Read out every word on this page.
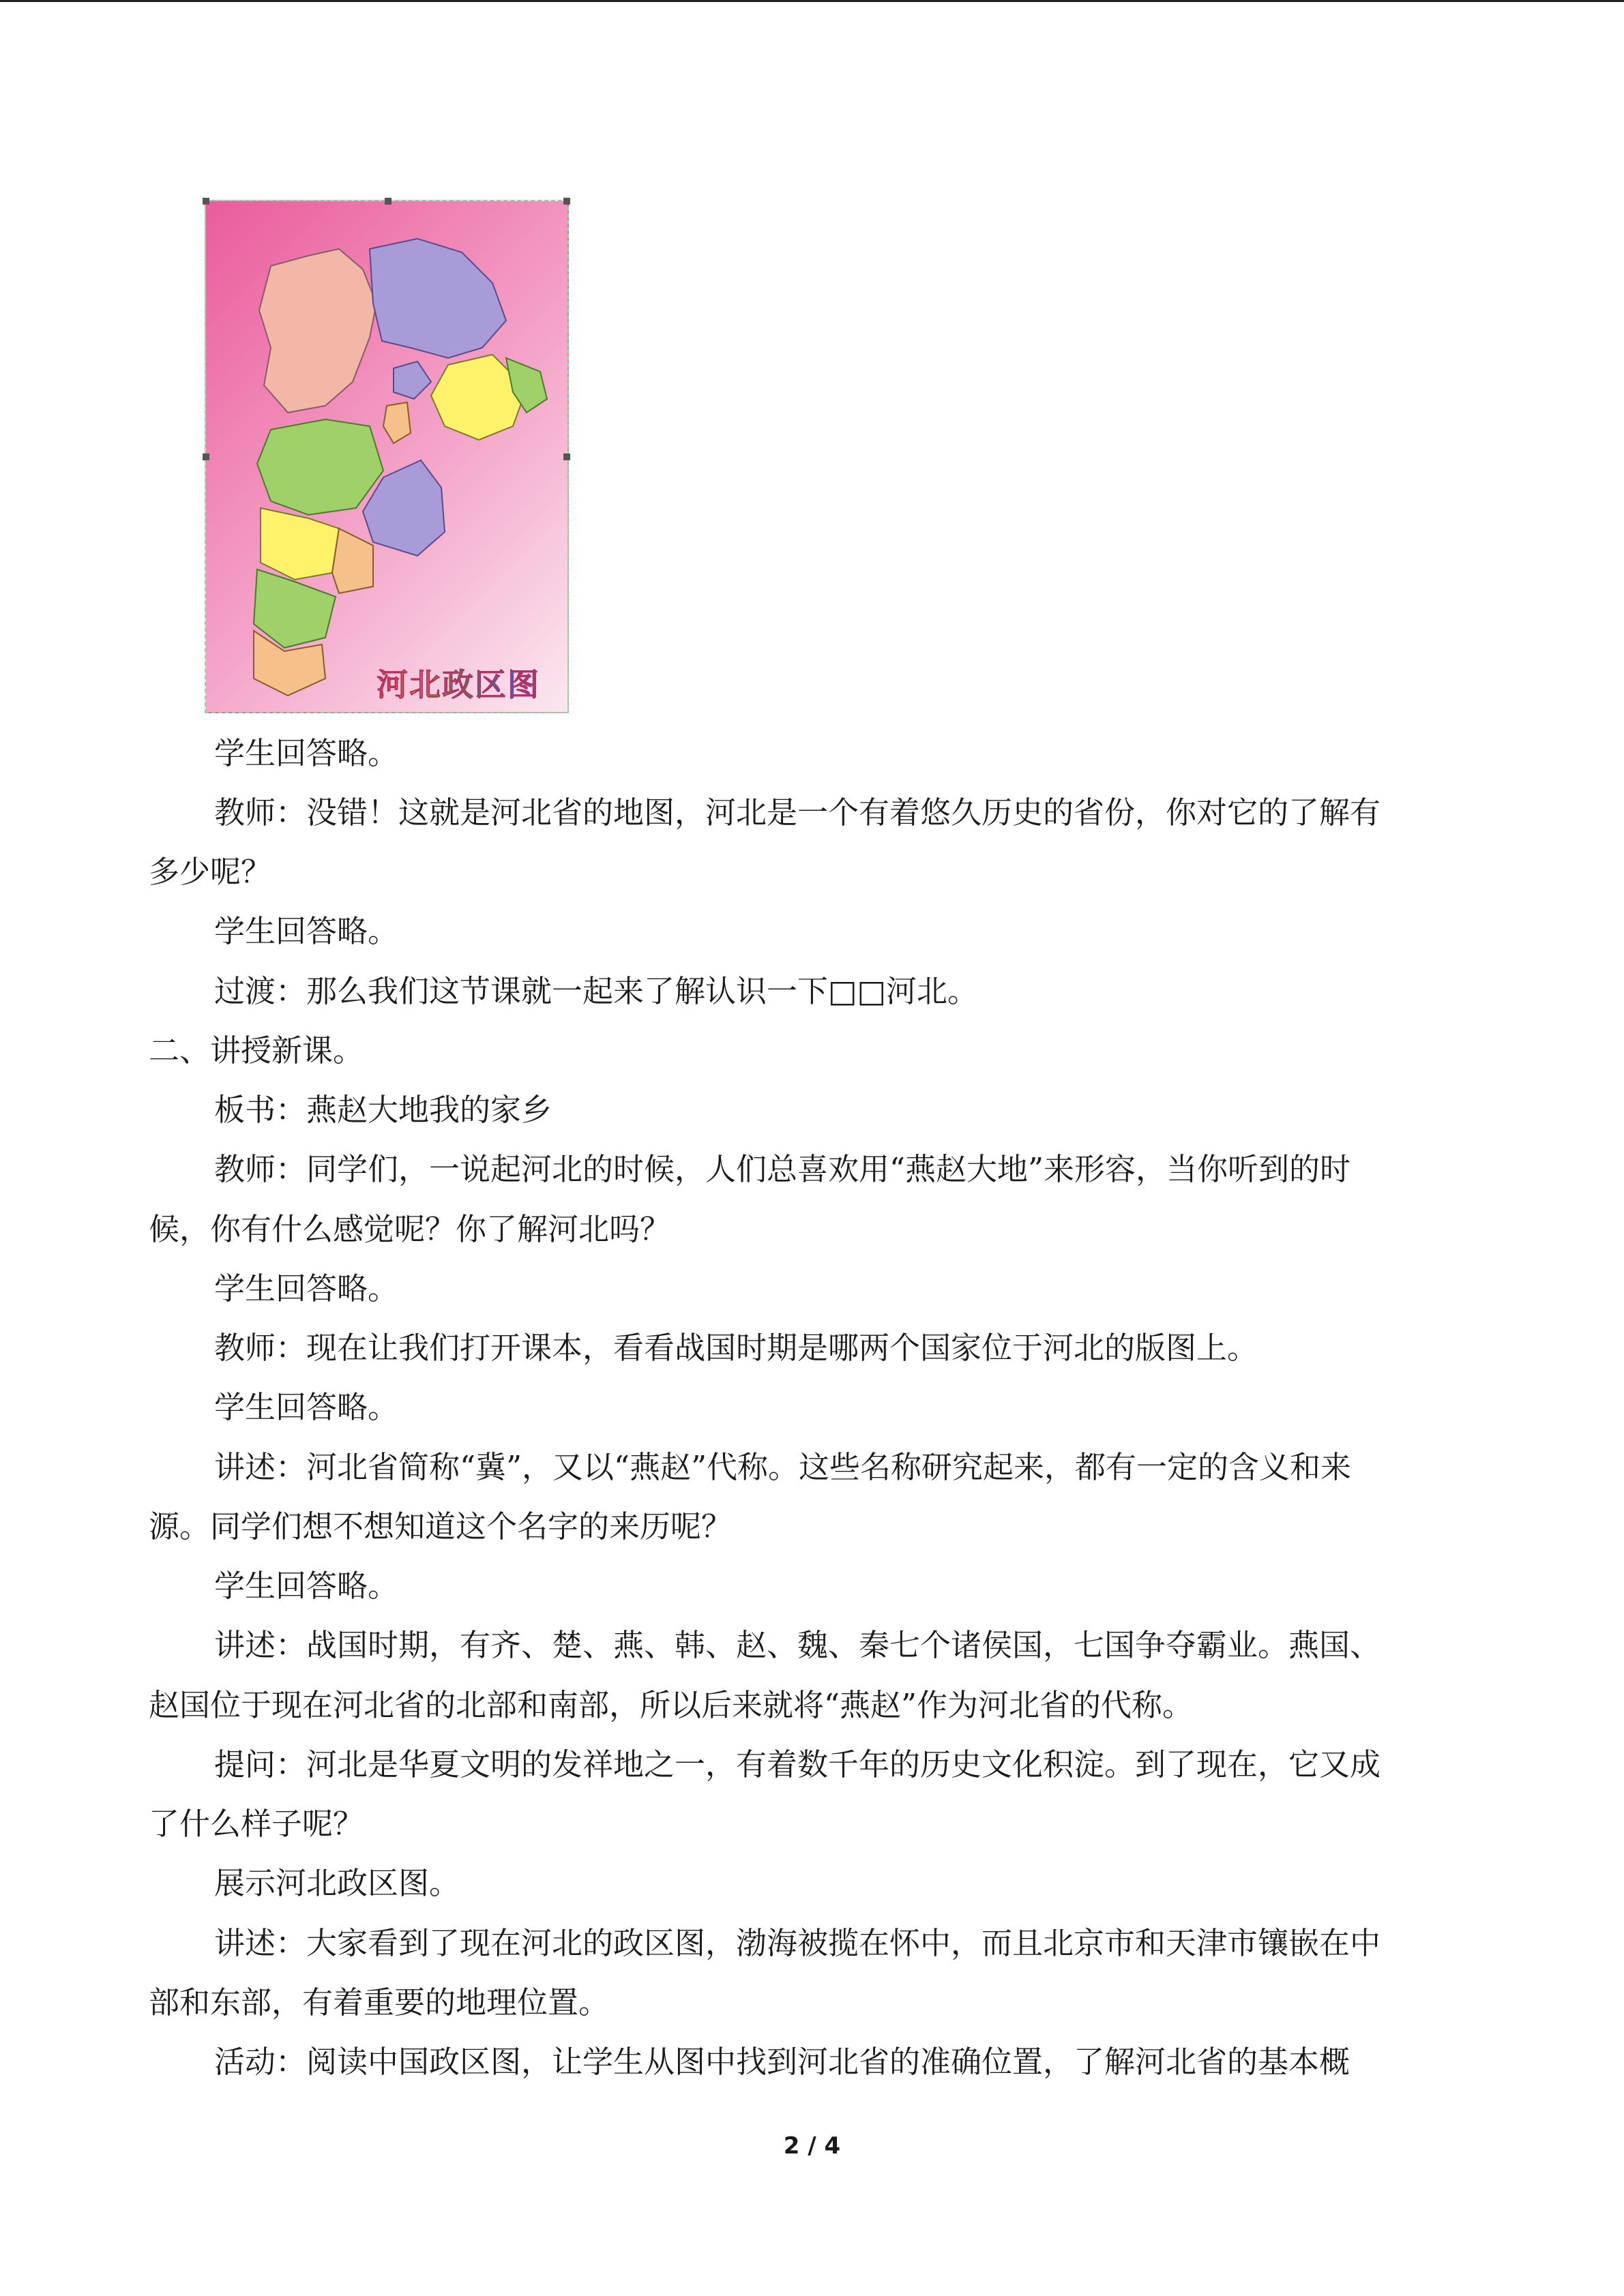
河北政区图

学生回答略。

教师：没错！这就是河北省的地图，河北是一个有着悠久历史的省份，你对它的了解有

多少呢？

学生回答略。

过渡：那么我们这节课就一起来了解认识一下□□河北。

二、讲授新课。

板书：燕赵大地我的家乡

教师：同学们，一说起河北的时候，人们总喜欢用“燕赵大地”来形容，当你听到的时

候，你有什么感觉呢？你了解河北吗？

学生回答略。

教师：现在让我们打开课本，看看战国时期是哪两个国家位于河北的版图上。

学生回答略。

讲述：河北省简称“冀”，又以“燕赵”代称。这些名称研究起来，都有一定的含义和来

源。同学们想不想知道这个名字的来历呢？

学生回答略。

讲述：战国时期，有齐、楚、燕、韩、赵、魏、秦七个诸侯国，七国争夺霸业。燕国、

赵国位于现在河北省的北部和南部，所以后来就将“燕赵”作为河北省的代称。

提问：河北是华夏文明的发祥地之一，有着数千年的历史文化积淀。到了现在，它又成

了什么样子呢？

展示河北政区图。

讲述：大家看到了现在河北的政区图，渤海被揽在怀中，而且北京市和天津市镶嵌在中

部和东部，有着重要的地理位置。

活动：阅读中国政区图，让学生从图中找到河北省的准确位置，了解河北省的基本概

2 / 4
